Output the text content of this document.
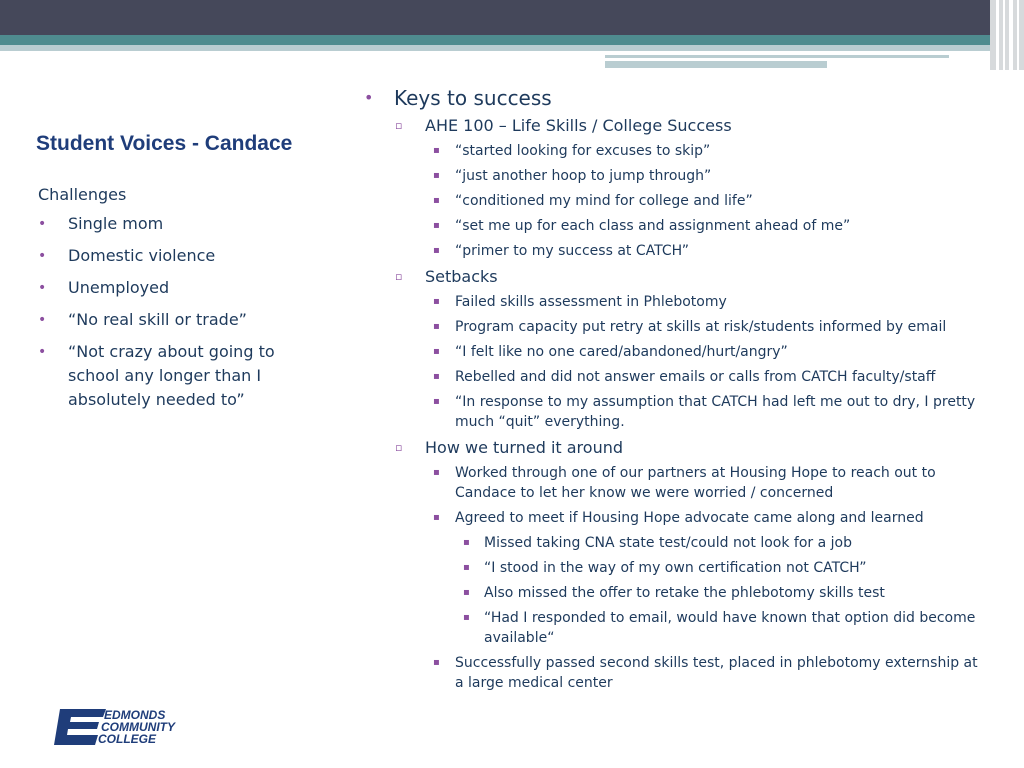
Student Voices - Candace
Challenges
• Single mom
• Domestic violence
• Unemployed
• “No real skill or trade”
• “Not crazy about going to school any longer than I absolutely needed to”
• Keys to success
▫ AHE 100 – Life Skills / College Success
▪ “started looking for excuses to skip”
▪ “just another hoop to jump through”
▪ “conditioned my mind for college and life”
▪ “set me up for each class and assignment ahead of me”
▪ “primer to my success at CATCH”
▫ Setbacks
▪ Failed skills assessment in Phlebotomy
▪ Program capacity put retry at skills at risk/students informed by email
▪ “I felt like no one cared/abandoned/hurt/angry”
▪ Rebelled and did not answer emails or calls from CATCH faculty/staff
▪ “In response to my assumption that CATCH had left me out to dry, I pretty much “quit” everything.
▫ How we turned it around
▪ Worked through one of our partners at Housing Hope to reach out to Candace to let her know we were worried / concerned
▪ Agreed to meet if Housing Hope advocate came along and learned
▪ Missed taking CNA state test/could not look for a job
▪ “I stood in the way of my own certification not CATCH”
▪ Also missed the offer to retake the phlebotomy skills test
▪ “Had I responded to email, would have known that option did become available“
▪ Successfully passed second skills test, placed in phlebotomy externship at a large medical center
EDMONDS
COMMUNITY
COLLEGE
